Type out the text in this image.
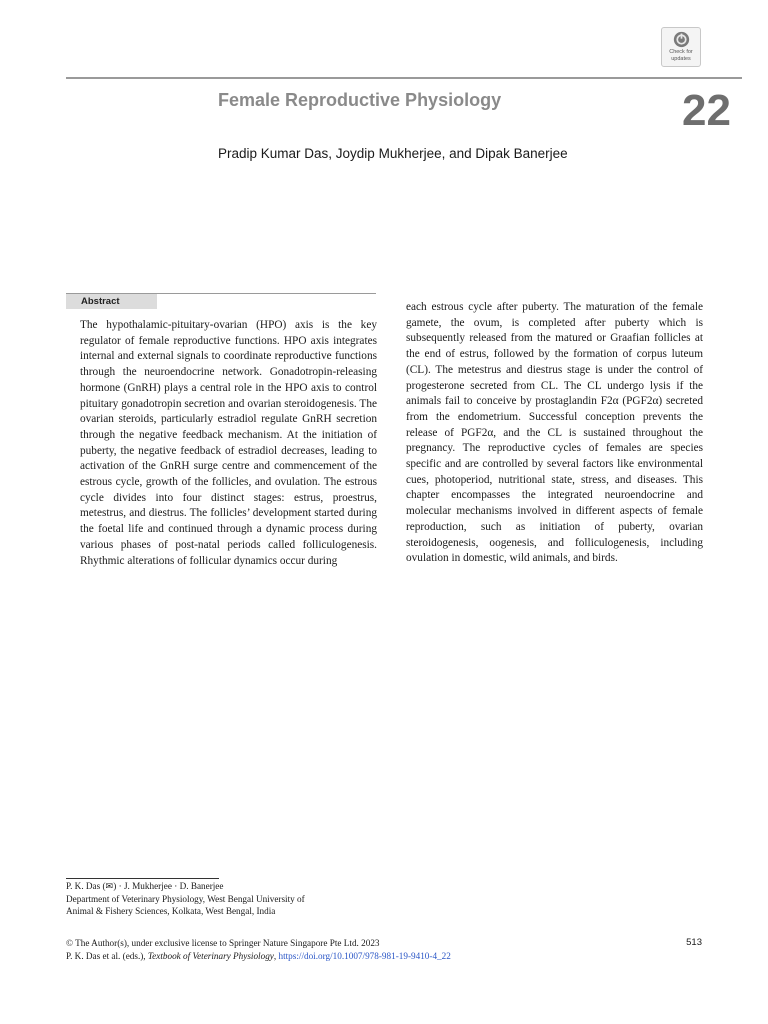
Check for
updates
Female Reproductive Physiology	22
Pradip Kumar Das, Joydip Mukherjee, and Dipak Banerjee
Abstract
The hypothalamic-pituitary-ovarian (HPO) axis is the key regulator of female reproductive functions. HPO axis integrates internal and external signals to coordinate reproductive functions through the neuroendocrine network. Gonadotropin-releasing hormone (GnRH) plays a central role in the HPO axis to control pituitary gonadotropin secretion and ovarian steroidogenesis. The ovarian steroids, particularly estradiol regulate GnRH secretion through the negative feedback mechanism. At the initiation of puberty, the negative feedback of estradiol decreases, leading to activation of the GnRH surge centre and commencement of the estrous cycle, growth of the follicles, and ovulation. The estrous cycle divides into four distinct stages: estrus, proestrus, metestrus, and diestrus. The follicles’ development started during the foetal life and continued through a dynamic process during various phases of post-natal periods called folliculogenesis. Rhythmic alterations of follicular dynamics occur during
each estrous cycle after puberty. The maturation of the female gamete, the ovum, is completed after puberty which is subsequently released from the matured or Graafian follicles at the end of estrus, followed by the formation of corpus luteum (CL). The metestrus and diestrus stage is under the control of progesterone secreted from CL. The CL undergo lysis if the animals fail to conceive by prostaglandin F2α (PGF2α) secreted from the endometrium. Successful conception prevents the release of PGF2α, and the CL is sustained throughout the pregnancy. The reproductive cycles of females are species specific and are controlled by several factors like environmental cues, photoperiod, nutritional state, stress, and diseases. This chapter encompasses the integrated neuroendocrine and molecular mechanisms involved in different aspects of female reproduction, such as initiation of puberty, ovarian steroidogenesis, oogenesis, and folliculogenesis, including ovulation in domestic, wild animals, and birds.
P. K. Das (✉) · J. Mukherjee · D. Banerjee
Department of Veterinary Physiology, West Bengal University of
Animal & Fishery Sciences, Kolkata, West Bengal, India
© The Author(s), under exclusive license to Springer Nature Singapore Pte Ltd. 2023
P. K. Das et al. (eds.), Textbook of Veterinary Physiology, https://doi.org/10.1007/978-981-19-9410-4_22
513
